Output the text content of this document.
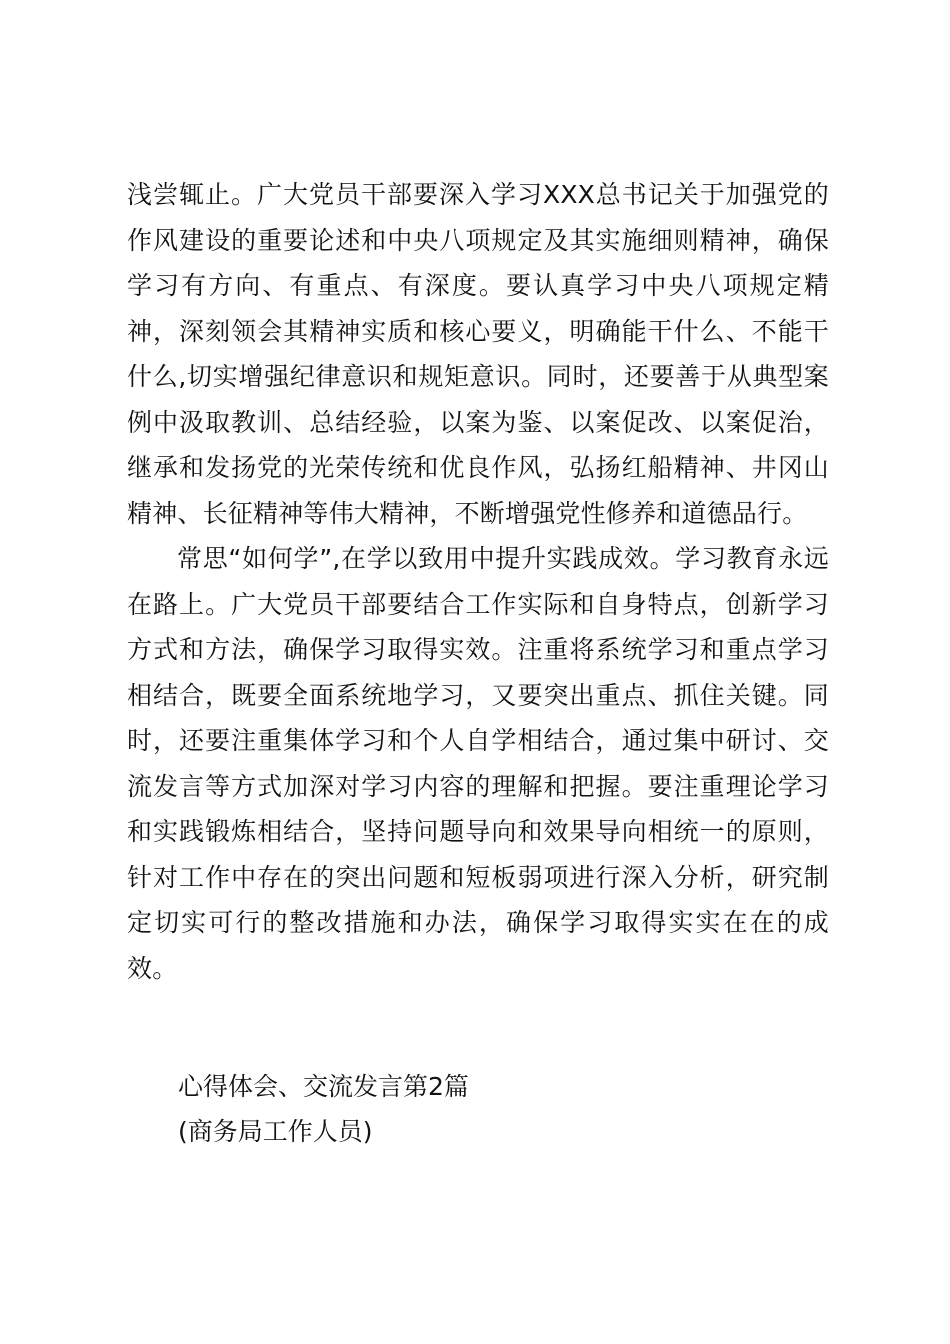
浅尝辄止。广大党员干部要深入学习XXX总书记关于加强党的作风建设的重要论述和中央八项规定及其实施细则精神，确保学习有方向、有重点、有深度。要认真学习中央八项规定精神，深刻领会其精神实质和核心要义，明确能干什么、不能干什么,切实增强纪律意识和规矩意识。同时，还要善于从典型案例中汲取教训、总结经验，以案为鉴、以案促改、以案促治，继承和发扬党的光荣传统和优良作风，弘扬红船精神、井冈山精神、长征精神等伟大精神，不断增强党性修养和道德品行。

常思“如何学”,在学以致用中提升实践成效。学习教育永远在路上。广大党员干部要结合工作实际和自身特点，创新学习方式和方法，确保学习取得实效。注重将系统学习和重点学习相结合，既要全面系统地学习，又要突出重点、抓住关键。同时，还要注重集体学习和个人自学相结合，通过集中研讨、交流发言等方式加深对学习内容的理解和把握。要注重理论学习和实践锻炼相结合，坚持问题导向和效果导向相统一的原则，针对工作中存在的突出问题和短板弱项进行深入分析，研究制定切实可行的整改措施和办法，确保学习取得实实在在的成效。

心得体会、交流发言第2篇
(商务局工作人员)
